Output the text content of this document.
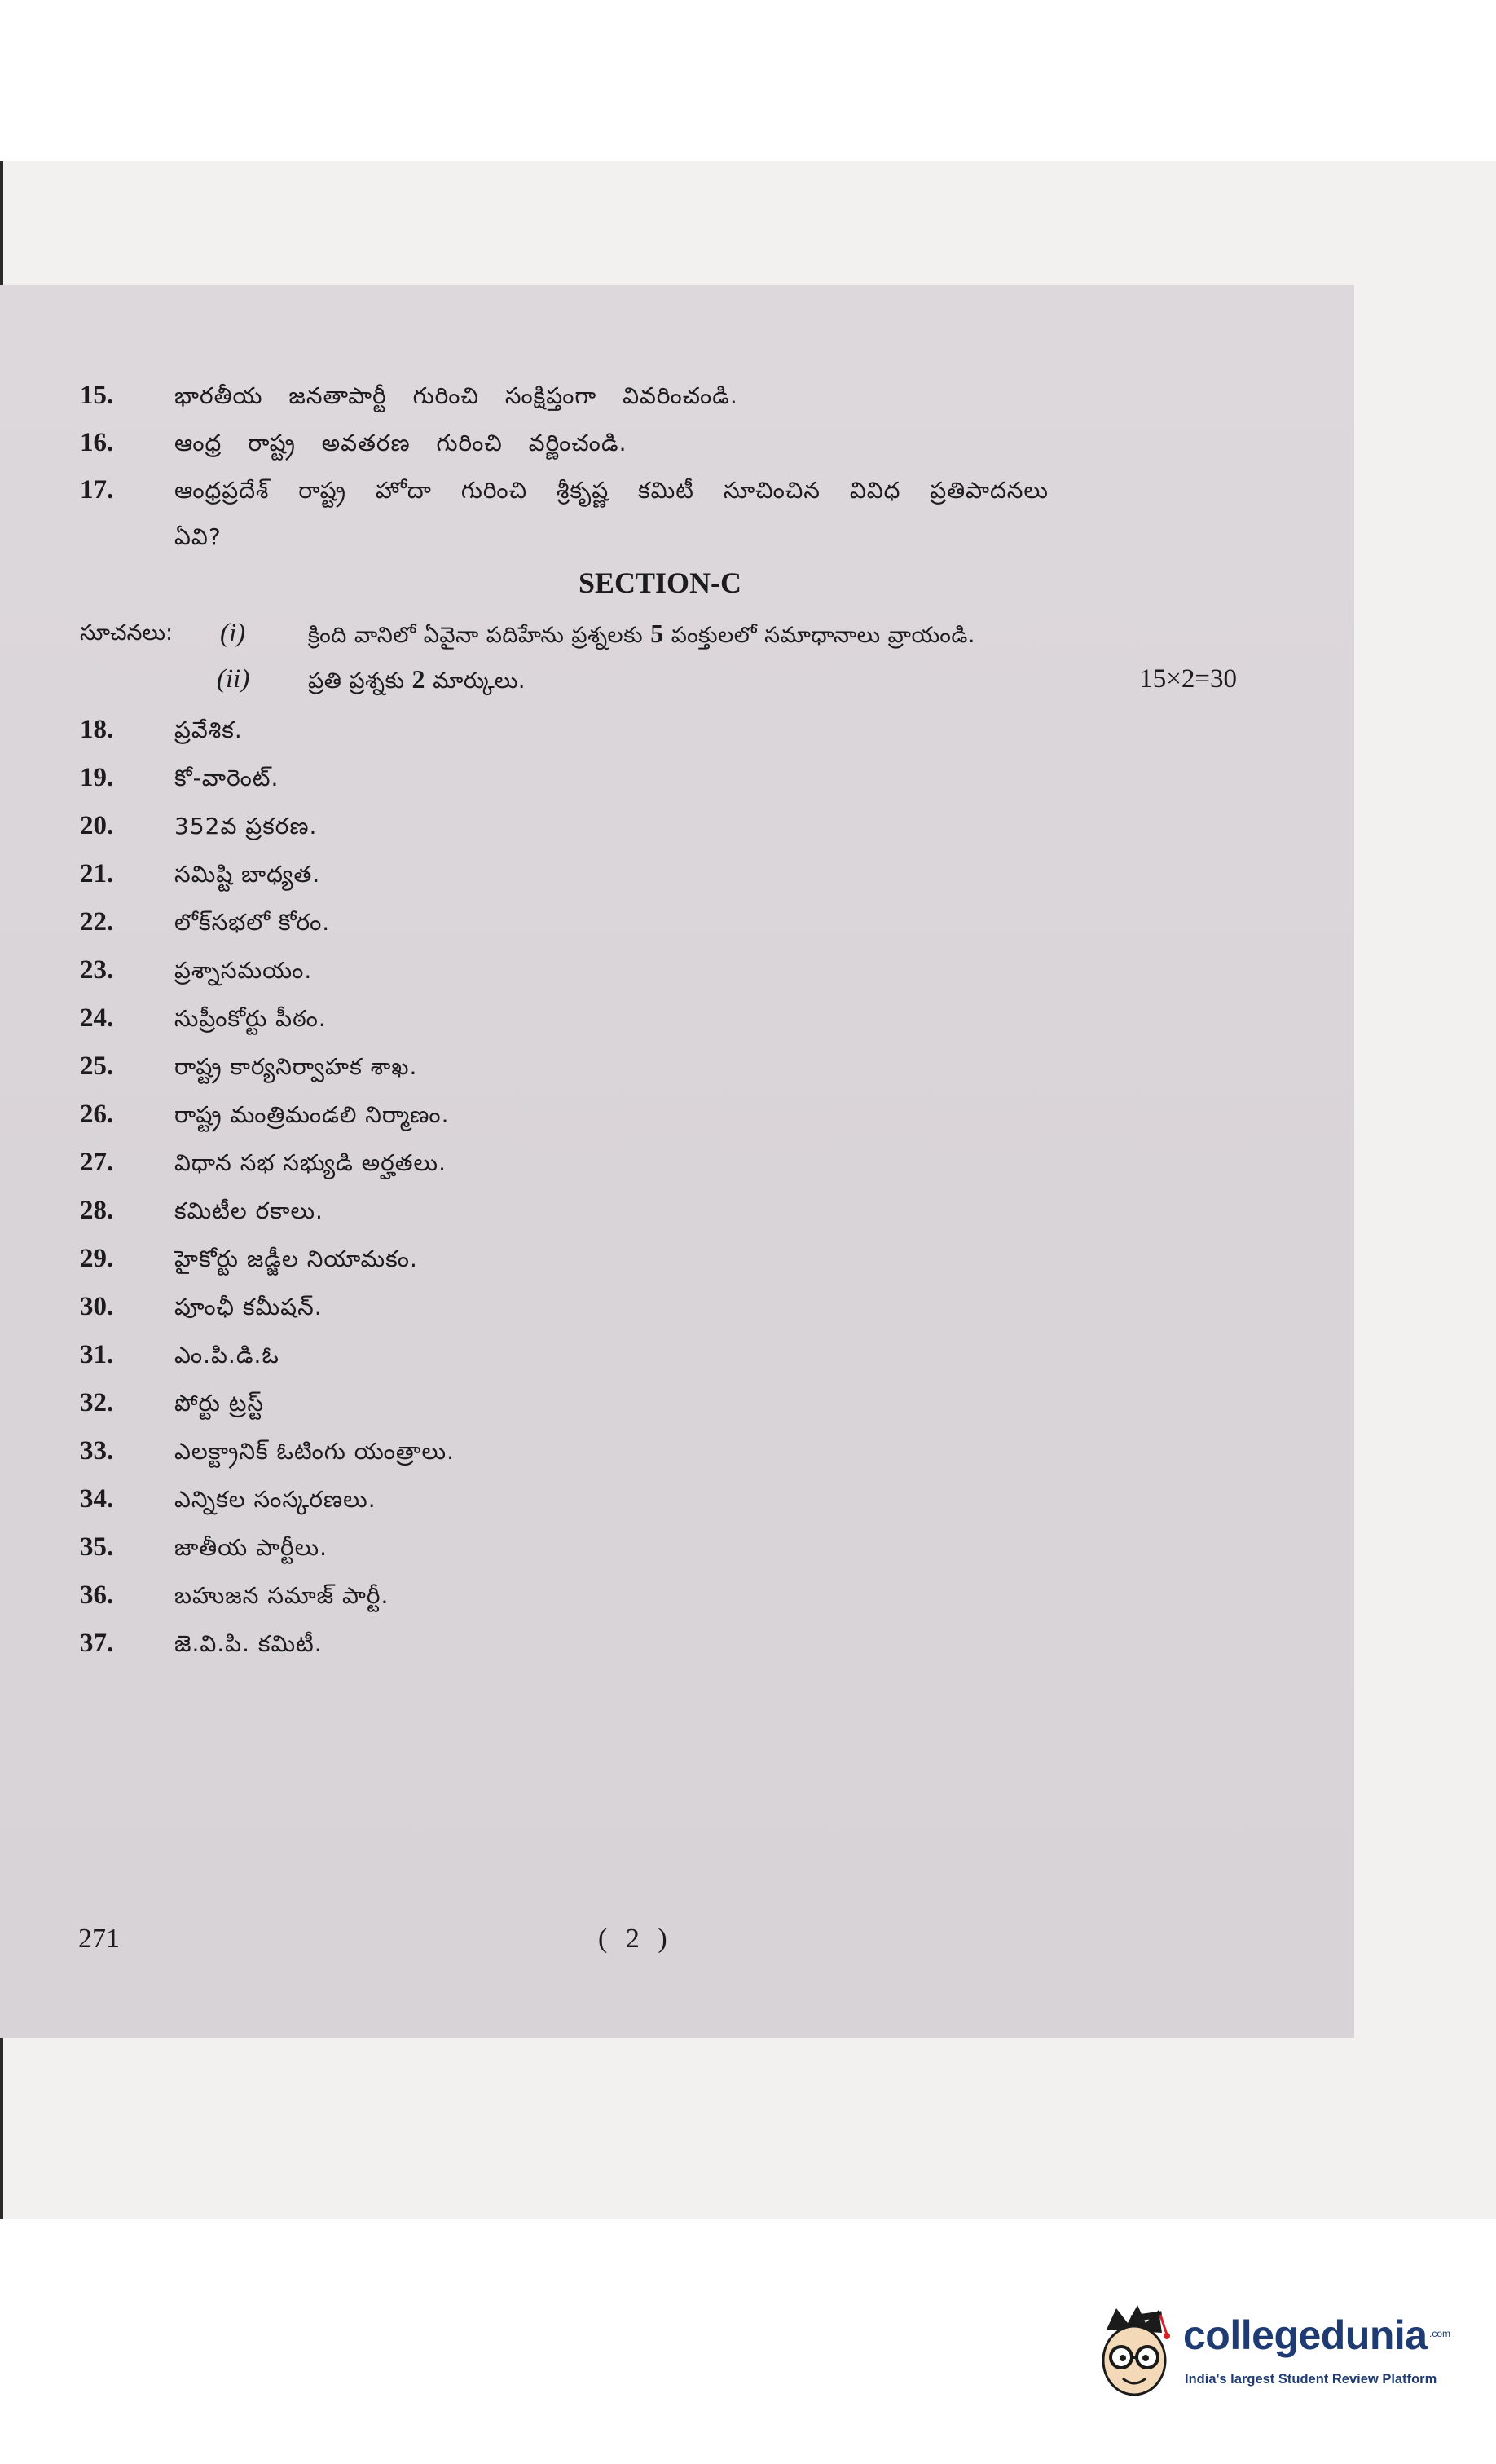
15.	భారతీయ జనతాపార్టీ గురించి సంక్షిప్తంగా వివరించండి.
16.	ఆంధ్ర రాష్ట్ర అవతరణ గురించి వర్ణించండి.
17.	ఆంధ్రప్రదేశ్ రాష్ట్ర హోదా గురించి శ్రీకృష్ణ కమిటీ సూచించిన వివిధ ప్రతిపాదనలు
ఏవి?
SECTION-C
సూచనలు: (i)	క్రింది వానిలో ఏవైనా పదిహేను ప్రశ్నలకు 5 పంక్తులలో సమాధానాలు వ్రాయండి.
(ii)	ప్రతి ప్రశ్నకు 2 మార్కులు.	15×2=30
18.	ప్రవేశిక.
19.	కో-వారెంట్.
20.	352వ ప్రకరణ.
21.	సమిష్టి బాధ్యత.
22.	లోక్‌సభలో కోరం.
23.	ప్రశ్నాసమయం.
24.	సుప్రీంకోర్టు పీఠం.
25.	రాష్ట్ర కార్యనిర్వాహక శాఖ.
26.	రాష్ట్ర మంత్రిమండలి నిర్మాణం.
27.	విధాన సభ సభ్యుడి అర్హతలు.
28.	కమిటీల రకాలు.
29.	హైకోర్టు జడ్జీల నియామకం.
30.	పూంఛీ కమీషన్.
31.	ఎం.పి.డి.ఓ
32.	పోర్టు ట్రస్ట్
33.	ఎలక్ట్రానిక్ ఓటింగు యంత్రాలు.
34.	ఎన్నికల సంస్కరణలు.
35.	జాతీయ పార్టీలు.
36.	బహుజన సమాజ్ పార్టీ.
37.	జె.వి.పి. కమిటీ.
271	( 2 )
collegedunia .com
India's largest Student Review Platform
